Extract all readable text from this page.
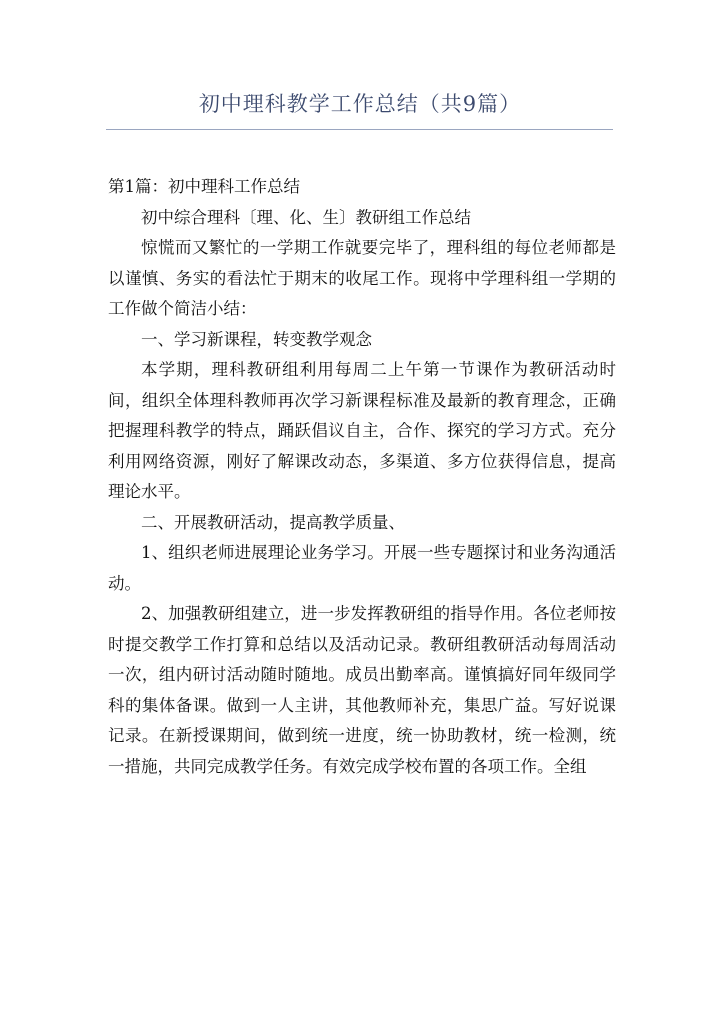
初中理科教学工作总结（共9篇）

第1篇：初中理科工作总结

初中综合理科〔理、化、生〕教研组工作总结

惊慌而又繁忙的一学期工作就要完毕了，理科组的每位老师都是以谨慎、务实的看法忙于期末的收尾工作。现将中学理科组一学期的工作做个简洁小结：

一、学习新课程，转变教学观念

本学期，理科教研组利用每周二上午第一节课作为教研活动时间，组织全体理科教师再次学习新课程标准及最新的教育理念，正确把握理科教学的特点，踊跃倡议自主，合作、探究的学习方式。充分利用网络资源，刚好了解课改动态，多渠道、多方位获得信息，提高理论水平。

二、开展教研活动，提高教学质量、

1、组织老师进展理论业务学习。开展一些专题探讨和业务沟通活动。

2、加强教研组建立，进一步发挥教研组的指导作用。各位老师按时提交教学工作打算和总结以及活动记录。教研组教研活动每周活动一次，组内研讨活动随时随地。成员出勤率高。谨慎搞好同年级同学科的集体备课。做到一人主讲，其他教师补充，集思广益。写好说课记录。在新授课期间，做到统一进度，统一协助教材，统一检测，统一措施，共同完成教学任务。有效完成学校布置的各项工作。全组
